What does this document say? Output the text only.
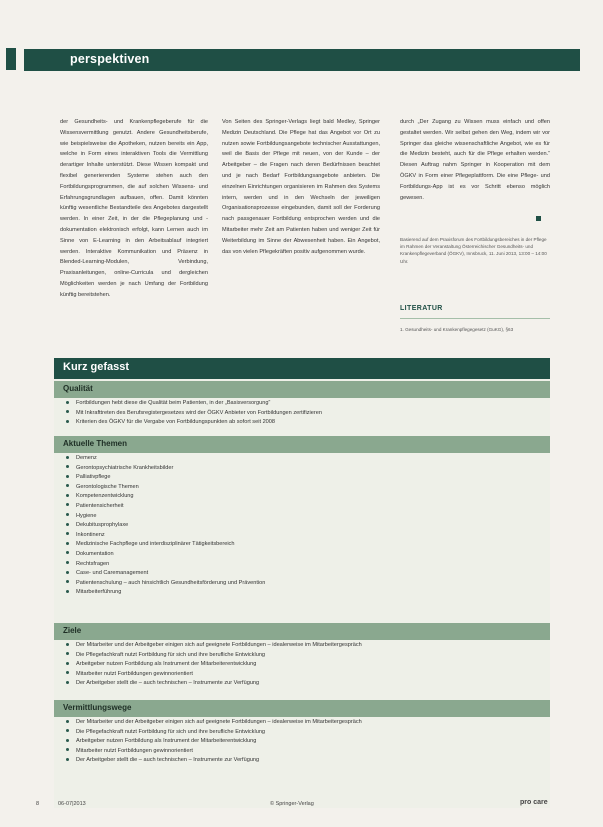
perspektiven

der Gesundheits- und Krankenpflegeberufe für die Wissensvermittlung genutzt. Andere Gesundheitsberufe, wie beispielsweise die Apotheken, nutzen bereits ein App, welche in Form eines interaktiven Tools die Vermittlung derartiger Inhalte unterstützt. Diese Wissen kompakt und flexibel generierenden Systeme stehen auch den Fortbildungsprogrammen, die auf solchen Wissens- und Erfahrungsgrundlagen aufbauen, offen. Damit könnten künftig wesentliche Bestandteile des Angebotes dargestellt werden. In einer Zeit, in der die Pflegeplanung und -dokumentation elektronisch erfolgt, kann Lernen auch im Sinne von E-Learning in den Arbeitsablauf integriert werden. Interaktive Kommunikation und Präsenz in Blended-Learning-Modulen, Verbindung, Praxisanleitungen, online-Curricula und dergleichen Möglichkeiten werden je nach Umfang der Fortbildung künftig bereitstehen.

Von Seiten des Springer-Verlags liegt bald Medley, Springer Medizin Deutschland. Die Pflege hat das Angebot vor Ort zu nutzen sowie Fortbildungsangebote technischer Ausstattungen, weil die Basis der Pflege mit neuen, von der Kunde – der Arbeitgeber – die Fragen nach deren Bedürfnissen beachtet und je nach Bedarf Fortbildungsangebote anbieten. Die einzelnen Einrichtungen organisieren im Rahmen des Systems intern, werden und in den Wechseln der jeweiligen Organisationsprozesse eingebunden, damit soll der Forderung nach passgenauer Fortbildung entsprochen werden und die Mitarbeiter mehr Zeit am Patienten haben und weniger Zeit für Weiterbildung im Sinne der Abwesenheit haben. Ein Angebot, das von vielen Pflegekräften positiv aufgenommen wurde.

durch „Der Zugang zu Wissen muss einfach und offen gestaltet werden. Wir selbst gehen den Weg, indem wir vor Springer das gleiche wissenschaftliche Angebot, wie es für die Medizin besteht, auch für die Pflege erhalten werden.“ Diesen Auftrag nahm Springer in Kooperation mit dem ÖGKV in Form einer Pflegeplattform. Die eine Pflege- und Fortbildungs-App ist es vor Schritt ebenso möglich gewesen.

Basierend auf dem Praxisforum des Fortbildungsbereiches in der Pflege im Rahmen der Veranstaltung Österreichischer Gesundheits- und Krankenpflegeverband (ÖGKV), Innsbruck, 11. Juni 2013, 13:00 – 14:00 Uhr.
LITERATUR
1. Gesundheits- und Krankenpflegegesetz (GuKG), §63
Kurz gefasst
Qualität
Fortbildungen hebt diese die Qualität beim Patienten, in der „Basisversorgung“
Mit Inkrafttreten des Berufsregistergesetzes wird der ÖGKV Anbieter von Fortbildungen zertifizieren
Kriterien des ÖGKV für die Vergabe von Fortbildungspunkten ab sofort seit 2008
Aktuelle Themen
Demenz
Gerontopsychiatrische Krankheitsbilder
Palliativpflege
Gerontologische Themen
Kompetenzentwicklung
Patientensicherheit
Hygiene
Dekubitusprophylaxe
Inkontinenz
Medizinische Fachpflege und interdisziplinärer Tätigkeitsbereich
Dokumentation
Rechtsfragen
Case- und Caremanagement
Patientenschulung – auch hinsichtlich Gesundheitsförderung und Prävention
Mitarbeiterführung
Ziele
Der Mitarbeiter und der Arbeitgeber einigen sich auf geeignete Fortbildungen – idealerweise im Mitarbeitergespräch
Die Pflegefachkraft nutzt Fortbildung für sich und ihre berufliche Entwicklung
Arbeitgeber nutzen Fortbildung als Instrument der Mitarbeiterentwicklung
Mitarbeiter nutzt Fortbildungen gewinnorientiert
Der Arbeitgeber stellt die – auch technischen – Instrumente zur Verfügung
Vermittlungswege
Der Mitarbeiter und der Arbeitgeber einigen sich auf geeignete Fortbildungen – idealerweise im Mitarbeitergespräch
Die Pflegefachkraft nutzt Fortbildung für sich und ihre berufliche Entwicklung
Arbeitgeber nutzen Fortbildung als Instrument der Mitarbeiterentwicklung
Mitarbeiter nutzt Fortbildungen gewinnorientiert
Der Arbeitgeber stellt die – auch technischen – Instrumente zur Verfügung
8	06-07|2013	© Springer-Verlag	pro care
